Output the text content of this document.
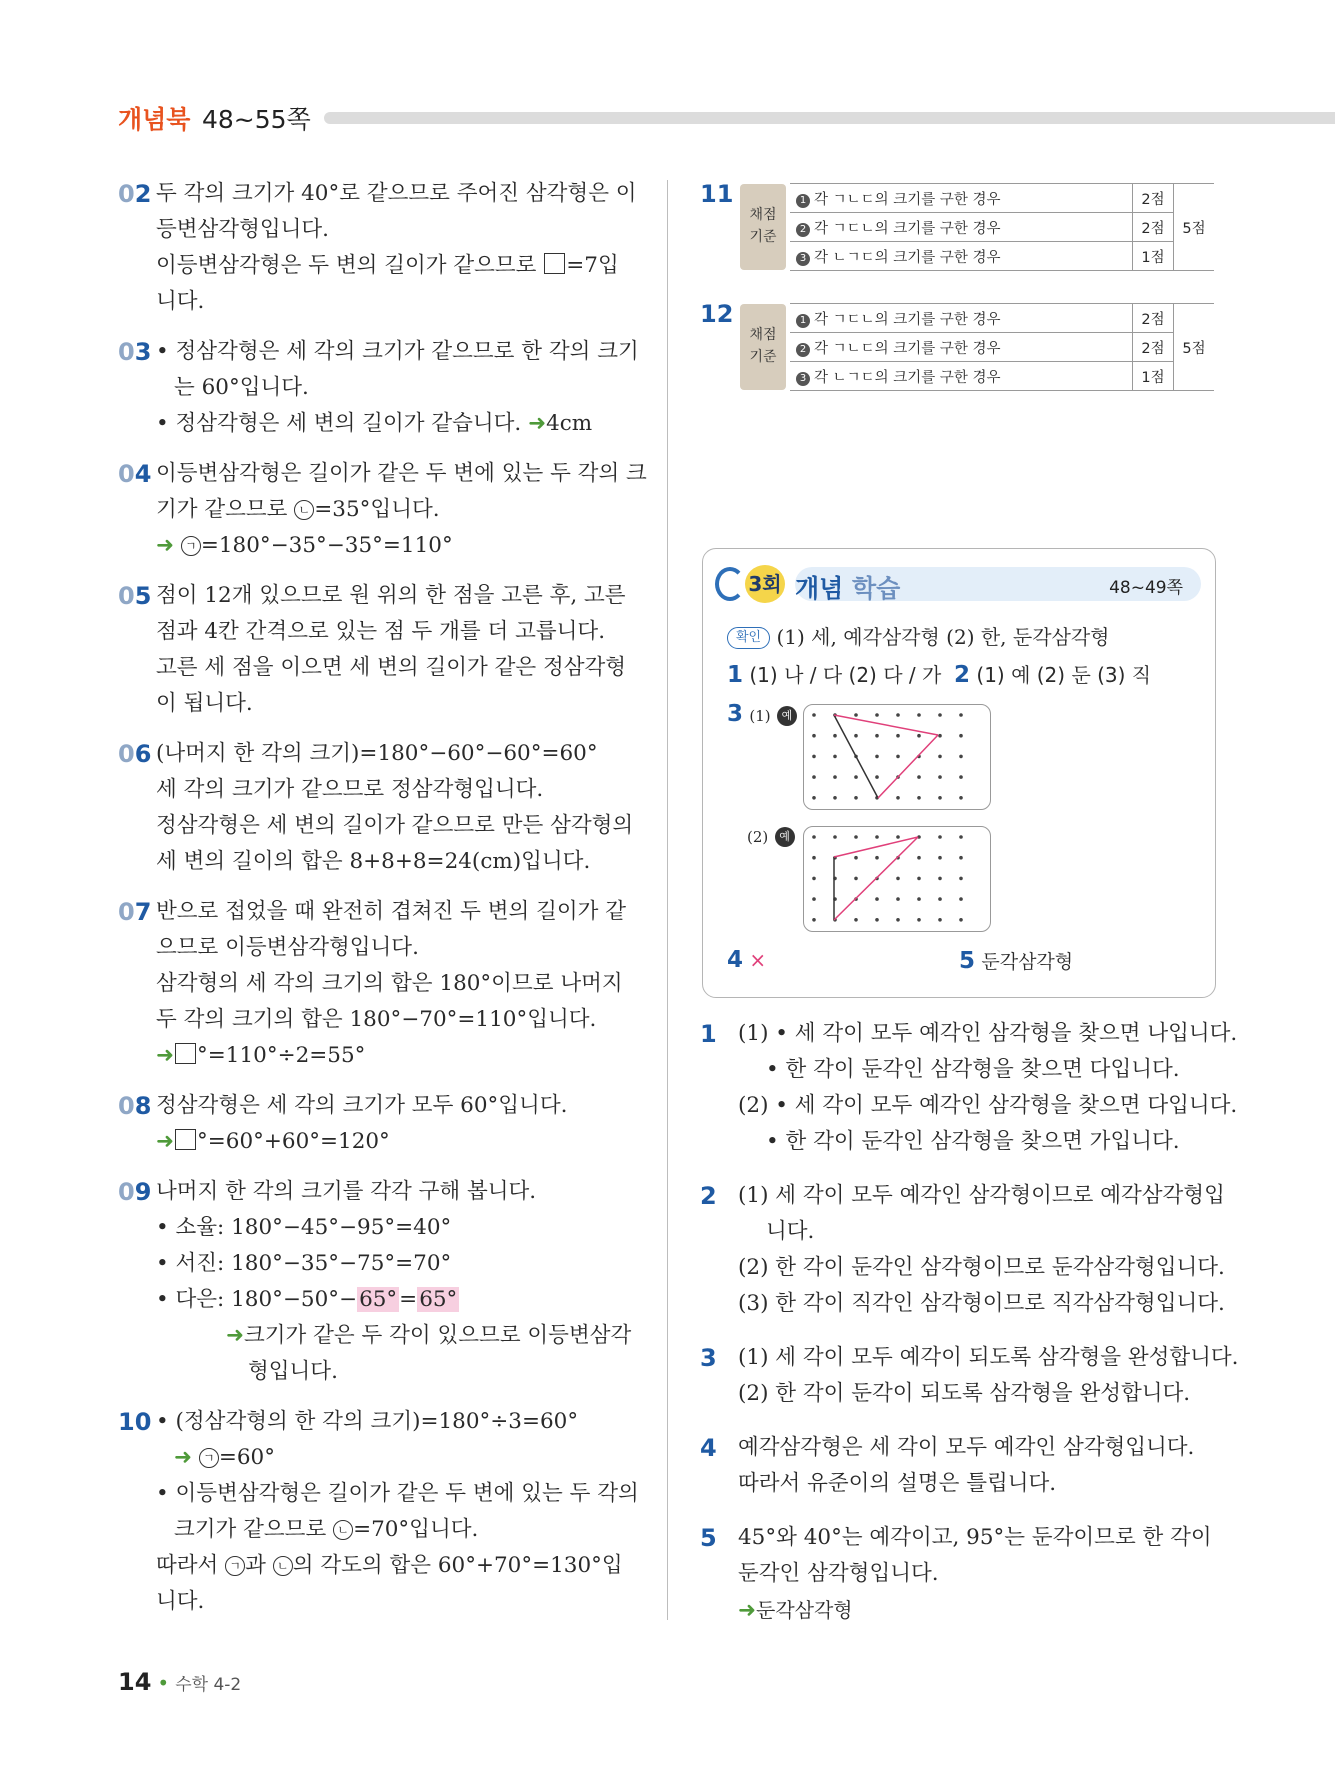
개념북 48~55쪽
02 두 각의 크기가 40°로 같으므로 주어진 삼각형은 이
등변삼각형입니다.
이등변삼각형은 두 변의 길이가 같으므로 =7입
니다.
03 • 정삼각형은 세 각의 크기가 같으므로 한 각의 크기
는 60°입니다.
• 정삼각형은 세 변의 길이가 같습니다. ➜4cm
04 이등변삼각형은 길이가 같은 두 변에 있는 두 각의 크
기가 같으므로 ㄴ =35°입니다.
➜ ㄱ =180°−35°−35°=110°
05 점이 12개 있으므로 원 위의 한 점을 고른 후, 고른
점과 4칸 간격으로 있는 점 두 개를 더 고릅니다.
고른 세 점을 이으면 세 변의 길이가 같은 정삼각형
이 됩니다.
06 (나머지 한 각의 크기)=180°−60°−60°=60°
세 각의 크기가 같으므로 정삼각형입니다.
정삼각형은 세 변의 길이가 같으므로 만든 삼각형의
세 변의 길이의 합은 8+8+8=24(cm)입니다.
07 반으로 접었을 때 완전히 겹쳐진 두 변의 길이가 같
으므로 이등변삼각형입니다.
삼각형의 세 각의 크기의 합은 180°이므로 나머지
두 각의 크기의 합은 180°−70°=110°입니다.
➜ °=110°÷2=55°
08 정삼각형은 세 각의 크기가 모두 60°입니다.
➜ °=60°+60°=120°
09 나머지 한 각의 크기를 각각 구해 봅니다.
• 소율: 180°−45°−95°=40°
• 서진: 180°−35°−75°=70°
• 다은: 180°−50°−65°=65°
➜크기가 같은 두 각이 있으므로 이등변삼각
형입니다.
10 • (정삼각형의 한 각의 크기)=180°÷3=60°
➜ ㄱ =60°
• 이등변삼각형은 길이가 같은 두 변에 있는 두 각의
크기가 같으므로 ㄴ =70°입니다.
따라서 ㄱ 과 ㄴ 의 각도의 합은 60°+70°=130°입
니다.
11
채점
기준
1 각 ㄱㄴㄷ의 크기를 구한 경우	2점	5점
2 각 ㄱㄷㄴ의 크기를 구한 경우	2점	
3 각 ㄴㄱㄷ의 크기를 구한 경우	1점	
12
채점
기준
1 각 ㄱㄷㄴ의 크기를 구한 경우	2점	5점
2 각 ㄱㄴㄷ의 크기를 구한 경우	2점	
3 각 ㄴㄱㄷ의 크기를 구한 경우	1점	
3회 개념 학습	48~49쪽
확인 (1) 세, 예각삼각형 (2) 한, 둔각삼각형
1 (1) 나 / 다 (2) 다 / 가 2 (1) 예 (2) 둔 (3) 직
3 (1) 예
(2) 예
4 ×	5 둔각삼각형
1 (1) • 세 각이 모두 예각인 삼각형을 찾으면 나입니다.
• 한 각이 둔각인 삼각형을 찾으면 다입니다.
(2) • 세 각이 모두 예각인 삼각형을 찾으면 다입니다.
• 한 각이 둔각인 삼각형을 찾으면 가입니다.
2 (1) 세 각이 모두 예각인 삼각형이므로 예각삼각형입
니다.
(2) 한 각이 둔각인 삼각형이므로 둔각삼각형입니다.
(3) 한 각이 직각인 삼각형이므로 직각삼각형입니다.
3 (1) 세 각이 모두 예각이 되도록 삼각형을 완성합니다.
(2) 한 각이 둔각이 되도록 삼각형을 완성합니다.
4 예각삼각형은 세 각이 모두 예각인 삼각형입니다.
따라서 유준이의 설명은 틀립니다.
5 45°와 40°는 예각이고, 95°는 둔각이므로 한 각이
둔각인 삼각형입니다.
➜둔각삼각형
14 • 수학 4-2
